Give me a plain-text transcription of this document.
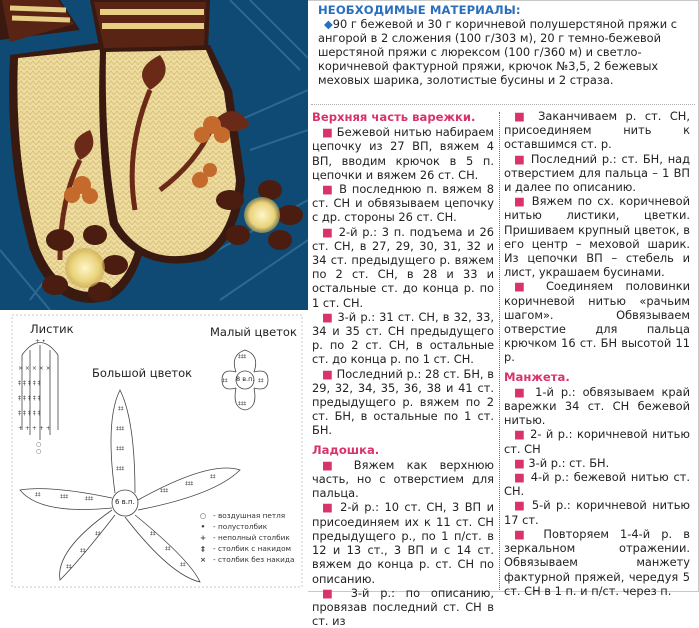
+ •
× × × × ×
‡ ‡ ‡ ‡ ‡
‡ ‡ ‡ ‡ ‡
‡ ‡ ‡ ‡ ‡
+ + + + +
○
○
‡‡‡
‡‡
‡‡
‡‡‡
‡‡
‡‡‡
‡‡‡
‡‡‡
‡‡‡
‡‡‡
‡‡
‡‡
‡‡
‡‡
‡‡
‡‡
‡‡
‡‡‡
‡‡‡
‡‡
Листик	Малый цветок
Большой цветок	8 в.п.
6 в.п.
○ - воздушная петля
•	- полустолбик
+ - неполный столбик
‡	- столбик с накидом
× - столбик без накида
НЕОБХОДИМЫЕ МАТЕРИАЛЫ:
◆90 г бежевой и 30 г коричневой полушерстяной пряжи с ангорой в 2 сложения (100 г/303 м), 20 г темно-бежевой шерстяной пряжи с люрексом (100 г/360 м) и светло-коричневой фактурной пряжи, крючок №3,5, 2 бежевых меховых шарика, золотистые бусины и 2 страза.
Верхняя часть варежки.

■ Бежевой нитью набираем цепочку из 27 ВП, вяжем 4 ВП, вводим крючок в 5 п. цепочки и вяжем 26 ст. СН.

■ В последнюю п. вяжем 8 ст. СН и обвязываем цепочку с др. стороны 26 ст. СН.

■ 2-й р.: 3 п. подъема и 26 ст. СН, в 27, 29, 30, 31, 32 и 34 ст. предыдущего р. вяжем по 2 ст. СН, в 28 и 33 и остальные ст. до конца р. по 1 ст. СН.

■ 3-й р.: 31 ст. СН, в 32, 33, 34 и 35 ст. СН предыдущего р. по 2 ст. СН, в остальные ст. до конца р. по 1 ст. СН.

■ Последний р.: 28 ст. БН, в 29, 32, 34, 35, 36, 38 и 41 ст. предыдущего р. вяжем по 2 ст. БН, в остальные по 1 ст. БН.

Ладошка.

■ Вяжем как верхнюю часть, но с отверстием для пальца.

■ 2-й р.: 10 ст. СН, 3 ВП и присоединяем их к 11 ст. СН предыдущего р., по 1 п/ст. в 12 и 13 ст., 3 ВП и с 14 ст. вяжем до конца р. ст. СН по описанию.

■ 3-й р.: по описанию, провязав последний ст. СН в ст. из

■ Заканчиваем р. ст. СН, присоединяем нить к оставшимся ст. р.

■ Последний р.: ст. БН, над отверстием для пальца – 1 ВП и далее по описанию.

■ Вяжем по сх. коричневой нитью листики, цветки. Пришиваем крупный цветок, в его центр – меховой шарик. Из цепочки ВП – стебель и лист, украшаем бусинами.

■ Соединяем половинки коричневой нитью «рачьим шагом». Обвязываем отверстие для пальца крючком 16 ст. БН высотой 11 р.

Манжета.

■ 1-й р.: обвязываем край варежки 34 ст. СН бежевой нитью.

■ 2- й р.: коричневой нитью ст. СН

■ 3-й р.: ст. БН.

■ 4-й р.: бежевой нитью ст. СН.

■ 5-й р.: коричневой нитью 17 ст.

■ Повторяем 1-4-й р. в зеркальном отражении. Обвязываем манжету фактурной пряжей, чередуя 5 ст. СН в 1 п. и п/ст. через п.
